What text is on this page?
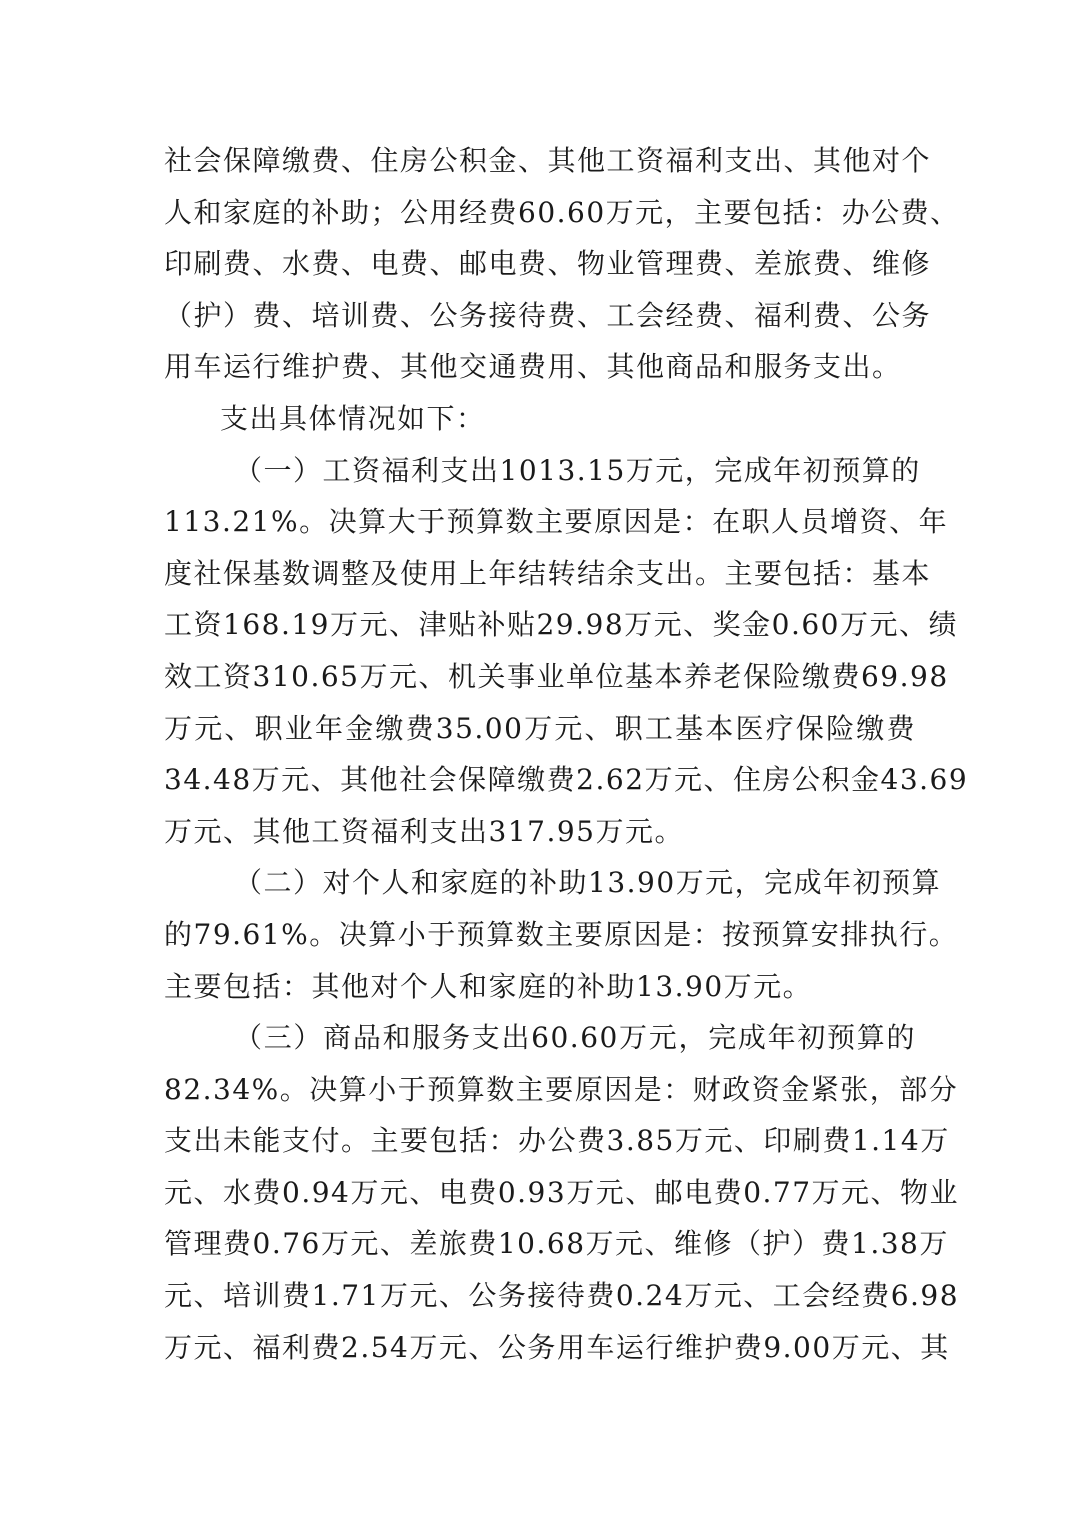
社会保障缴费、住房公积金、其他工资福利支出、其他对个
人和家庭的补助；公用经费60.60万元，主要包括：办公费、
印刷费、水费、电费、邮电费、物业管理费、差旅费、维修
（护）费、培训费、公务接待费、工会经费、福利费、公务
用车运行维护费、其他交通费用、其他商品和服务支出。
支出具体情况如下：
（一）工资福利支出1013.15万元，完成年初预算的
113.21%。决算大于预算数主要原因是：在职人员增资、年
度社保基数调整及使用上年结转结余支出。主要包括：基本
工资168.19万元、津贴补贴29.98万元、奖金0.60万元、绩
效工资310.65万元、机关事业单位基本养老保险缴费69.98
万元、职业年金缴费35.00万元、职工基本医疗保险缴费
34.48万元、其他社会保障缴费2.62万元、住房公积金43.69
万元、其他工资福利支出317.95万元。
（二）对个人和家庭的补助13.90万元，完成年初预算
的79.61%。决算小于预算数主要原因是：按预算安排执行。
主要包括：其他对个人和家庭的补助13.90万元。
（三）商品和服务支出60.60万元，完成年初预算的
82.34%。决算小于预算数主要原因是：财政资金紧张，部分
支出未能支付。主要包括：办公费3.85万元、印刷费1.14万
元、水费0.94万元、电费0.93万元、邮电费0.77万元、物业
管理费0.76万元、差旅费10.68万元、维修（护）费1.38万
元、培训费1.71万元、公务接待费0.24万元、工会经费6.98
万元、福利费2.54万元、公务用车运行维护费9.00万元、其
